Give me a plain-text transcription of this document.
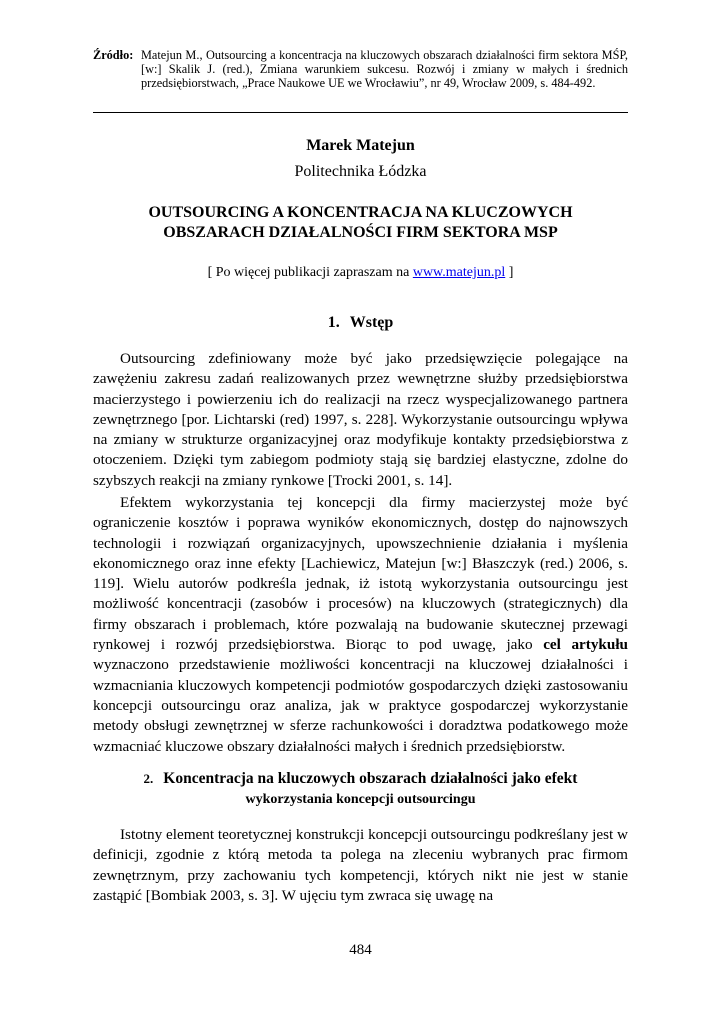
Źródło: Matejun M., Outsourcing a koncentracja na kluczowych obszarach działalności firm sektora MŚP, [w:] Skalik J. (red.), Zmiana warunkiem sukcesu. Rozwój i zmiany w małych i średnich przedsiębiorstwach, „Prace Naukowe UE we Wrocławiu”, nr 49, Wrocław 2009, s. 484-492.
Marek Matejun
Politechnika Łódzka
OUTSOURCING A KONCENTRACJA NA KLUCZOWYCH
OBSZARACH DZIAŁALNOŚCI FIRM SEKTORA MSP
[ Po więcej publikacji zapraszam na www.matejun.pl ]
1. Wstęp

Outsourcing zdefiniowany może być jako przedsięwzięcie polegające na zawężeniu zakresu zadań realizowanych przez wewnętrzne służby przedsiębiorstwa macierzystego i powierzeniu ich do realizacji na rzecz wyspecjalizowanego partnera zewnętrznego [por. Lichtarski (red) 1997, s. 228]. Wykorzystanie outsourcingu wpływa na zmiany w strukturze organizacyjnej oraz modyfikuje kontakty przedsiębiorstwa z otoczeniem. Dzięki tym zabiegom podmioty stają się bardziej elastyczne, zdolne do szybszych reakcji na zmiany rynkowe [Trocki 2001, s. 14].

Efektem wykorzystania tej koncepcji dla firmy macierzystej może być ograniczenie kosztów i poprawa wyników ekonomicznych, dostęp do najnowszych technologii i rozwiązań organizacyjnych, upowszechnienie działania i myślenia ekonomicznego oraz inne efekty [Lachiewicz, Matejun [w:] Błaszczyk (red.) 2006, s. 119]. Wielu autorów podkreśla jednak, iż istotą wykorzystania outsourcingu jest możliwość koncentracji (zasobów i procesów) na kluczowych (strategicznych) dla firmy obszarach i problemach, które pozwalają na budowanie skutecznej przewagi rynkowej i rozwój przedsiębiorstwa. Biorąc to pod uwagę, jako cel artykułu wyznaczono przedstawienie możliwości koncentracji na kluczowej działalności i wzmacniania kluczowych kompetencji podmiotów gospodarczych dzięki zastosowaniu koncepcji outsourcingu oraz analiza, jak w praktyce gospodarczej wykorzystanie metody obsługi zewnętrznej w sferze rachunkowości i doradztwa podatkowego może wzmacniać kluczowe obszary działalności małych i średnich przedsiębiorstw.

2. Koncentracja na kluczowych obszarach działalności jako efekt
wykorzystania koncepcji outsourcingu

Istotny element teoretycznej konstrukcji koncepcji outsourcingu podkreślany jest w definicji, zgodnie z którą metoda ta polega na zleceniu wybranych prac firmom zewnętrznym, przy zachowaniu tych kompetencji, których nikt nie jest w stanie zastąpić [Bombiak 2003, s. 3]. W ujęciu tym zwraca się uwagę na

484
